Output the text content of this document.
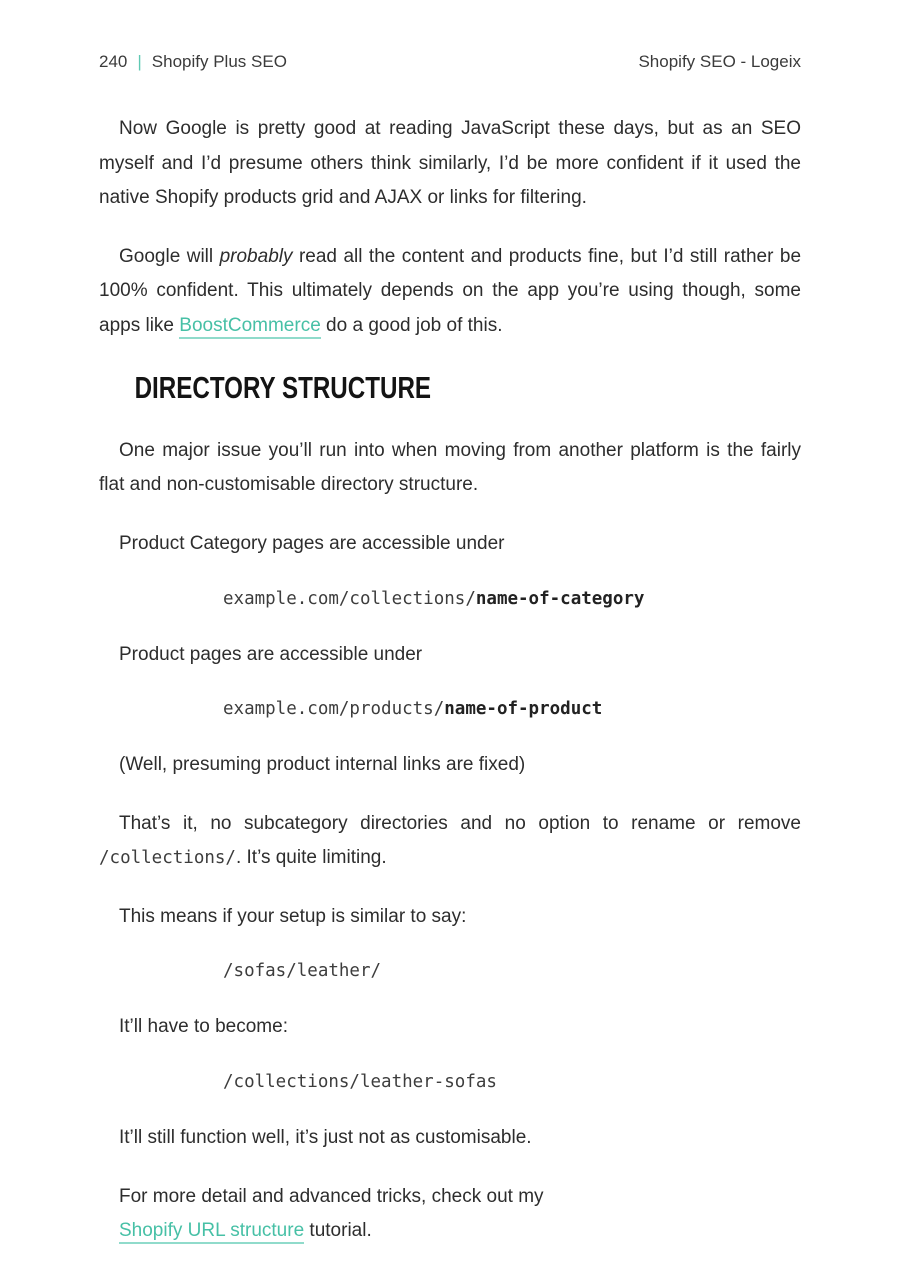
240 | Shopify Plus SEO	Shopify SEO - Logeix

Now Google is pretty good at reading JavaScript these days, but as an SEO myself and I’d presume others think similarly, I’d be more confident if it used the native Shopify products grid and AJAX or links for filtering.

Google will probably read all the content and products fine, but I’d still rather be 100% confident. This ultimately depends on the app you’re using though, some apps like BoostCommerce do a good job of this.

DIRECTORY STRUCTURE

One major issue you’ll run into when moving from another platform is the fairly flat and non-customisable directory structure.

Product Category pages are accessible under

example.com/collections/name-of-category

Product pages are accessible under

example.com/products/name-of-product

(Well, presuming product internal links are fixed)

That’s it, no subcategory directories and no option to rename or remove /collections/. It’s quite limiting.

This means if your setup is similar to say:

/sofas/leather/

It’ll have to become:

/collections/leather-sofas

It’ll still function well, it’s just not as customisable.

For more detail and advanced tricks, check out my
Shopify URL structure tutorial.
